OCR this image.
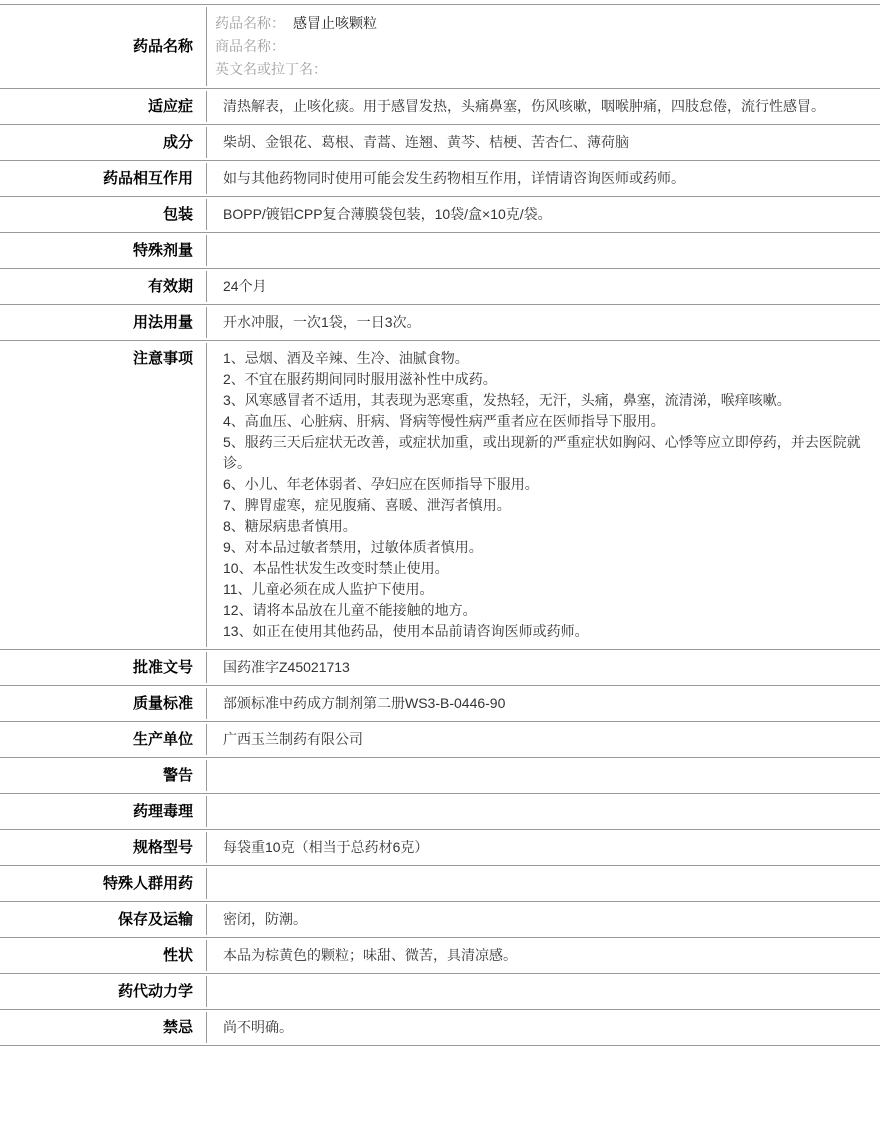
药品名称
药品名称： 感冒止咳颗粒
商品名称：
英文名或拉丁名：
适应症	清热解表，止咳化痰。用于感冒发热，头痛鼻塞，伤风咳嗽，咽喉肿痛，四肢怠倦，流行性感冒。
成分	柴胡、金银花、葛根、青蒿、连翘、黄芩、桔梗、苦杏仁、薄荷脑
药品相互作用	如与其他药物同时使用可能会发生药物相互作用，详情请咨询医师或药师。
包装	BOPP/镀铝CPP复合薄膜袋包装，10袋/盒×10克/袋。
特殊剂量
有效期	24个月
用法用量	开水冲服，一次1袋，一日3次。
注意事项	1、忌烟、酒及辛辣、生冷、油腻食物。
2、不宜在服药期间同时服用滋补性中成药。
3、风寒感冒者不适用，其表现为恶寒重，发热轻，无汗，头痛，鼻塞，流清涕，喉痒咳嗽。
4、高血压、心脏病、肝病、肾病等慢性病严重者应在医师指导下服用。
5、服药三天后症状无改善，或症状加重，或出现新的严重症状如胸闷、心悸等应立即停药，并去医院就诊。
6、小儿、年老体弱者、孕妇应在医师指导下服用。
7、脾胃虚寒，症见腹痛、喜暖、泄泻者慎用。
8、糖尿病患者慎用。
9、对本品过敏者禁用，过敏体质者慎用。
10、本品性状发生改变时禁止使用。
11、儿童必须在成人监护下使用。
12、请将本品放在儿童不能接触的地方。
13、如正在使用其他药品，使用本品前请咨询医师或药师。
批准文号	国药准字Z45021713
质量标准	部颁标准中药成方制剂第二册WS3-B-0446-90
生产单位	广西玉兰制药有限公司
警告
药理毒理
规格型号	每袋重10克（相当于总药材6克）
特殊人群用药
保存及运输	密闭，防潮。
性状	本品为棕黄色的颗粒；味甜、微苦，具清凉感。
药代动力学
禁忌	尚不明确。
